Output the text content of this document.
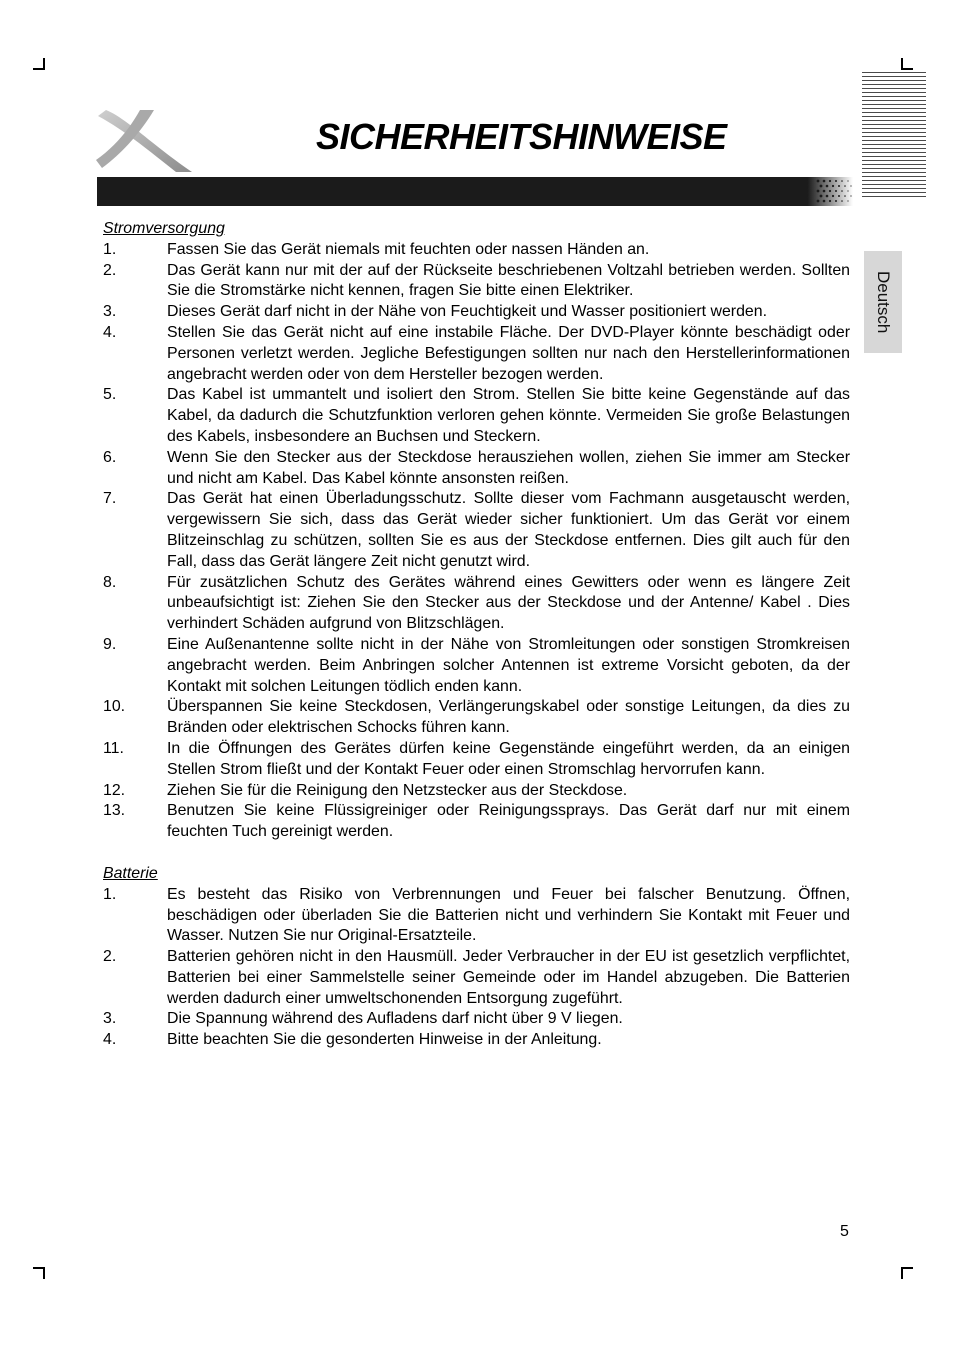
SICHERHEITSHINWEISE
Deutsch
Stromversorgung
1.	Fassen Sie das Gerät niemals mit feuchten oder nassen Händen an.
2.	Das Gerät kann nur mit der auf der Rückseite beschriebenen Voltzahl betrieben werden. Sollten Sie die Stromstärke nicht kennen, fragen Sie bitte einen Elektriker.
3.	Dieses Gerät darf nicht in der Nähe von Feuchtigkeit und Wasser positioniert werden.
4.	Stellen Sie das Gerät nicht auf eine instabile Fläche. Der DVD-Player könnte beschädigt oder Personen verletzt werden. Jegliche Befestigungen sollten nur nach den Herstellerinformationen angebracht werden oder von dem Hersteller bezogen werden.
5.	Das Kabel ist ummantelt und isoliert den Strom. Stellen Sie bitte keine Gegenstände auf das Kabel, da dadurch die Schutzfunktion verloren gehen könnte. Vermeiden Sie große Belastungen des Kabels, insbesondere an Buchsen und Steckern.
6.	Wenn Sie den Stecker aus der Steckdose herausziehen wollen, ziehen Sie immer am Stecker und nicht am Kabel. Das Kabel könnte ansonsten reißen.
7.	Das Gerät hat einen Überladungsschutz. Sollte dieser vom Fachmann ausgetauscht werden, vergewissern Sie sich, dass das Gerät wieder sicher funktioniert. Um das Gerät vor einem Blitzeinschlag zu schützen, sollten Sie es aus der Steckdose entfernen. Dies gilt auch für den Fall, dass das Gerät längere Zeit nicht genutzt wird.
8.	Für zusätzlichen Schutz des Gerätes während eines Gewitters oder wenn es längere Zeit unbeaufsichtigt ist: Ziehen Sie den Stecker aus der Steckdose und der Antenne/ Kabel . Dies verhindert Schäden aufgrund von Blitzschlägen.
9.	Eine Außenantenne sollte nicht in der Nähe von Stromleitungen oder sonstigen Stromkreisen angebracht werden. Beim Anbringen solcher Antennen ist extreme Vorsicht geboten, da der Kontakt mit solchen Leitungen tödlich enden kann.
10.	Überspannen Sie keine Steckdosen, Verlängerungskabel oder sonstige Leitungen, da dies zu Bränden oder elektrischen Schocks führen kann.
11.	In die Öffnungen des Gerätes dürfen keine Gegenstände eingeführt werden, da an einigen Stellen Strom fließt und der Kontakt Feuer oder einen Stromschlag hervorrufen kann.
12.	Ziehen Sie für die Reinigung den Netzstecker aus der Steckdose.
13.	Benutzen Sie keine Flüssigreiniger oder Reinigungssprays. Das Gerät darf nur mit einem feuchten Tuch gereinigt werden.
Batterie
1.	Es besteht das Risiko von Verbrennungen und Feuer bei falscher Benutzung. Öffnen, beschädigen oder überladen Sie die Batterien nicht und verhindern Sie Kontakt mit Feuer und Wasser. Nutzen Sie nur Original-Ersatzteile.
2.	Batterien gehören nicht in den Hausmüll. Jeder Verbraucher in der EU ist gesetzlich verpflichtet, Batterien bei einer Sammelstelle seiner Gemeinde oder im Handel abzugeben. Die Batterien werden dadurch einer umweltschonenden Entsorgung zugeführt.
3.	Die Spannung während des Aufladens darf nicht über 9 V liegen.
4.	Bitte beachten Sie die gesonderten Hinweise in der Anleitung.
5
